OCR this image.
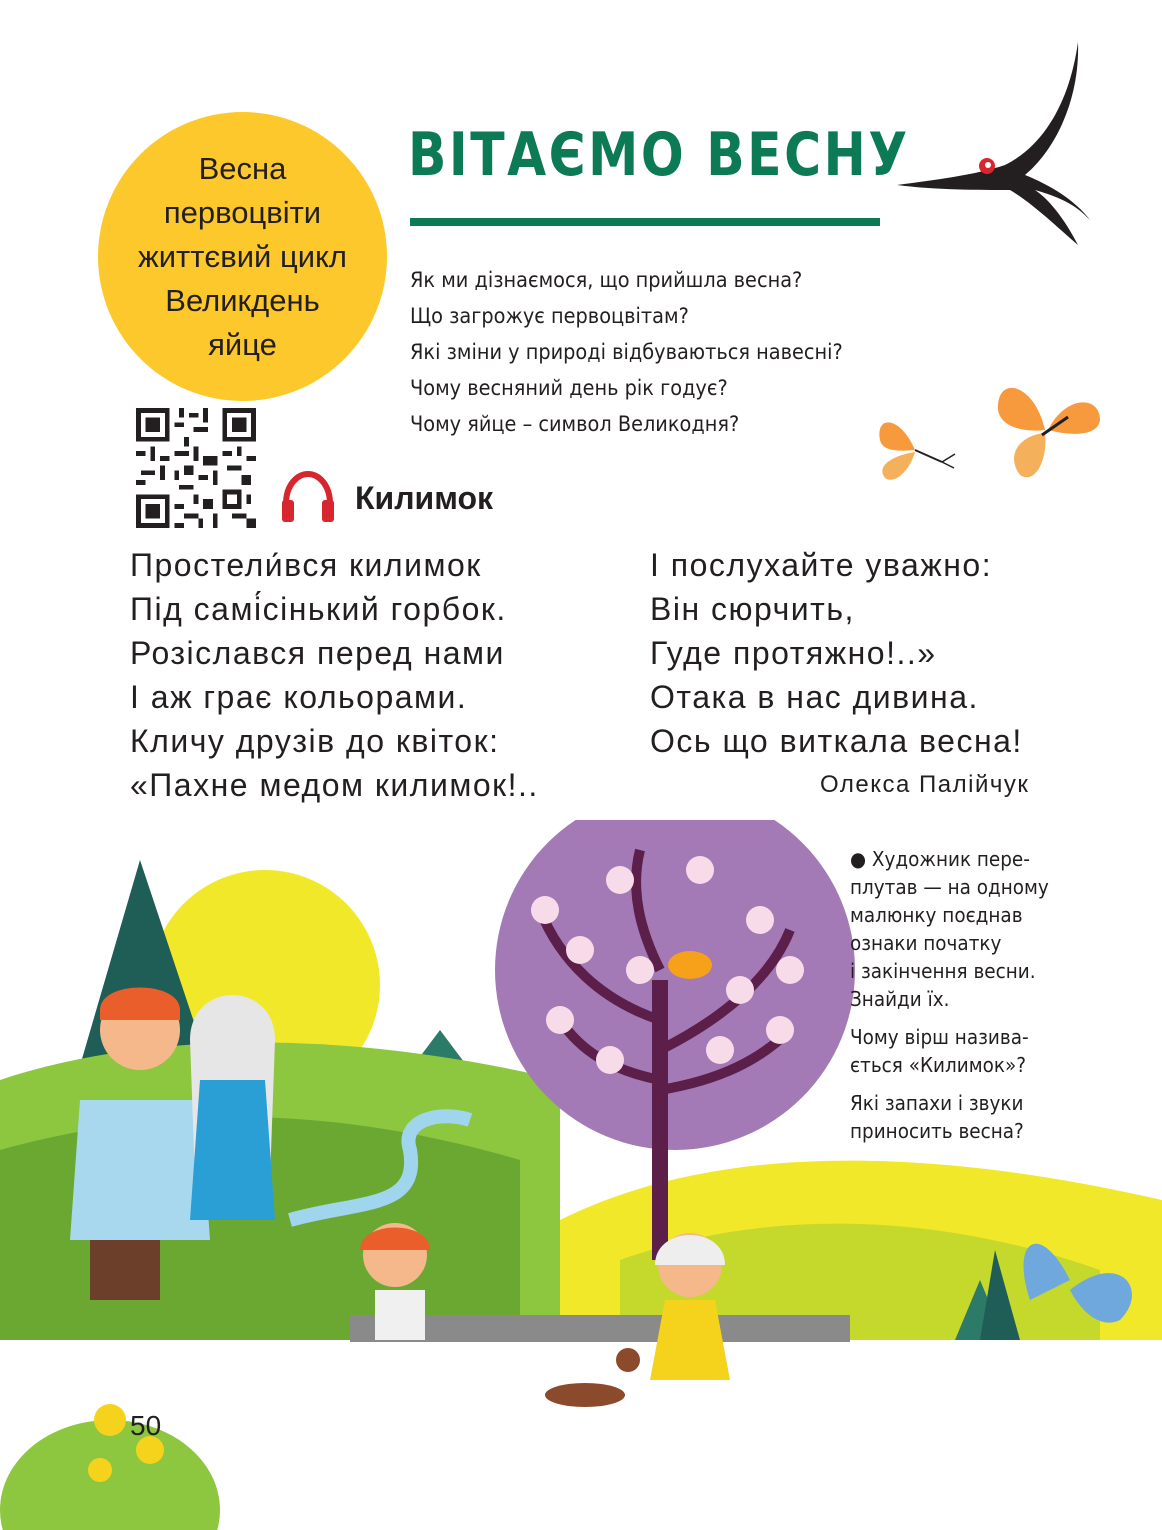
Весна
первоцвіти
життєвий цикл
Великдень
яйце
ВІТАЄМО ВЕСНУ
Як ми дізнаємося, що прийшла весна?
Що загрожує первоцвітам?
Які зміни у природі відбуваються навесні?
Чому весняний день рік годує?
Чому яйце – символ Великодня?
Килимок
Простели́вся килимок
Під самі́сінький горбок.
Розіслався перед нами
І аж грає кольорами.
Кличу друзів до квіток:
«Пахне медом килимок!..
І послухайте уважно:
Він сюрчить,
Гуде протяжно!..»
Отака в нас дивина.
Ось що виткала весна!
Олекса Палійчук

● Художник пере-
плутав — на одному
малюнку поєднав
ознаки початку
і закінчення весни.
Знайди їх.

Чому вірш назива-
ється «Килимок»?

Які запахи і звуки
приносить весна?

50
